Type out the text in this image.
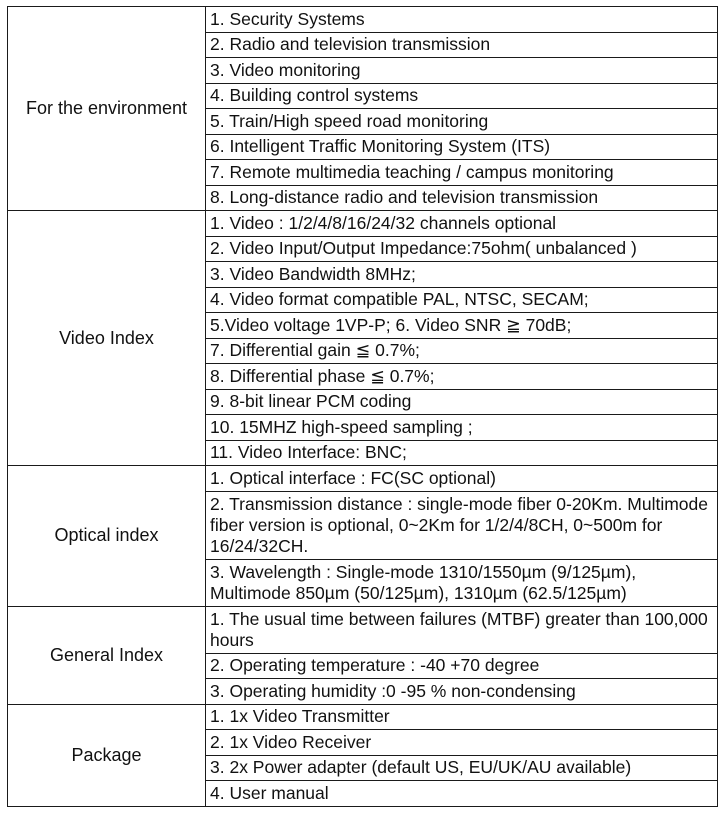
For the environment	1. Security Systems
	2. Radio and television transmission
	3. Video monitoring
	4. Building control systems
	5. Train/High speed road monitoring
	6. Intelligent Traffic Monitoring System (ITS)
	7. Remote multimedia teaching / campus monitoring
	8. Long-distance radio and television transmission
Video Index	1. Video : 1/2/4/8/16/24/32 channels optional
	2. Video Input/Output Impedance:75ohm( unbalanced )
	3. Video Bandwidth 8MHz;
	4. Video format compatible PAL, NTSC, SECAM;
	5.Video voltage 1VP-P; 6. Video SNR ≧ 70dB;
	7. Differential gain ≦ 0.7%;
	8. Differential phase ≦ 0.7%;
	9. 8-bit linear PCM coding
	10. 15MHZ high-speed sampling ;
	11. Video Interface: BNC;
Optical index	1. Optical interface : FC(SC optional)
	2. Transmission distance : single-mode fiber 0-20Km. Multimode fiber version is optional, 0~2Km for 1/2/4/8CH, 0~500m for 16/24/32CH.
	3. Wavelength : Single-mode 1310/1550µm (9/125µm), Multimode 850µm (50/125µm), 1310µm (62.5/125µm)
General Index	1. The usual time between failures (MTBF) greater than 100,000 hours
	2. Operating temperature : -40 +70 degree
	3. Operating humidity :0 -95 % non-condensing
Package	1. 1x Video Transmitter
	2. 1x Video Receiver
	3. 2x Power adapter (default US, EU/UK/AU available)
	4. User manual
